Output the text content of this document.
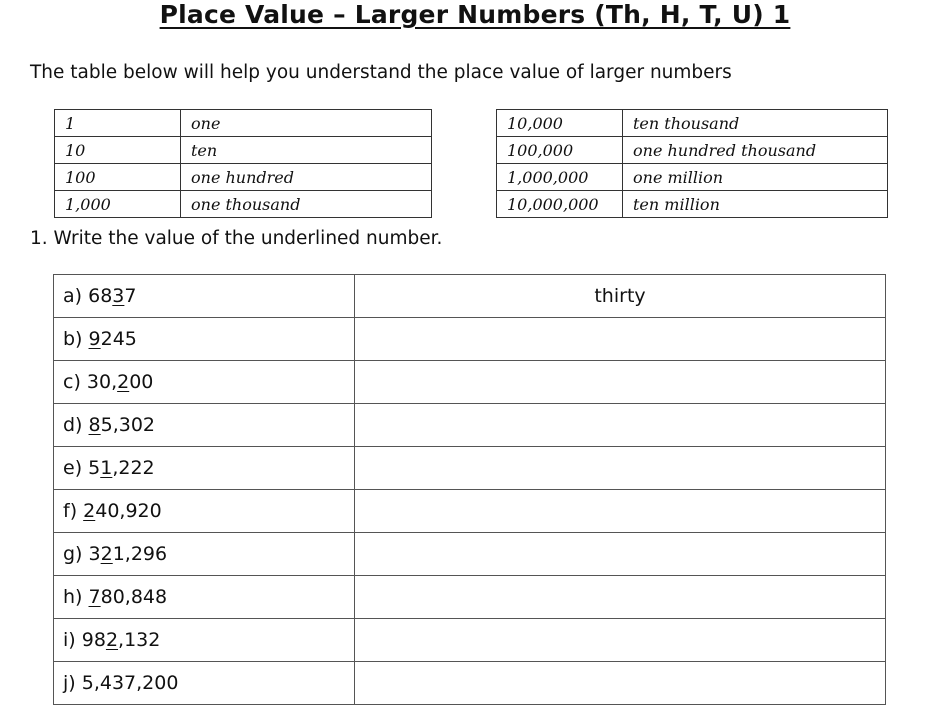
Place Value – Larger Numbers (Th, H, T, U) 1
The table below will help you understand the place value of larger numbers
1	one
10	ten
100	one hundred
1,000	one thousand
10,000	ten thousand
100,000	one hundred thousand
1,000,000	one million
10,000,000	ten million
1. Write the value of the underlined number.
a) 6837	thirty
b) 9245	
c) 30,200	
d) 85,302	
e) 51,222	
f) 240,920	
g) 321,296	
h) 780,848	
i) 982,132	
j) 5,437,200	
